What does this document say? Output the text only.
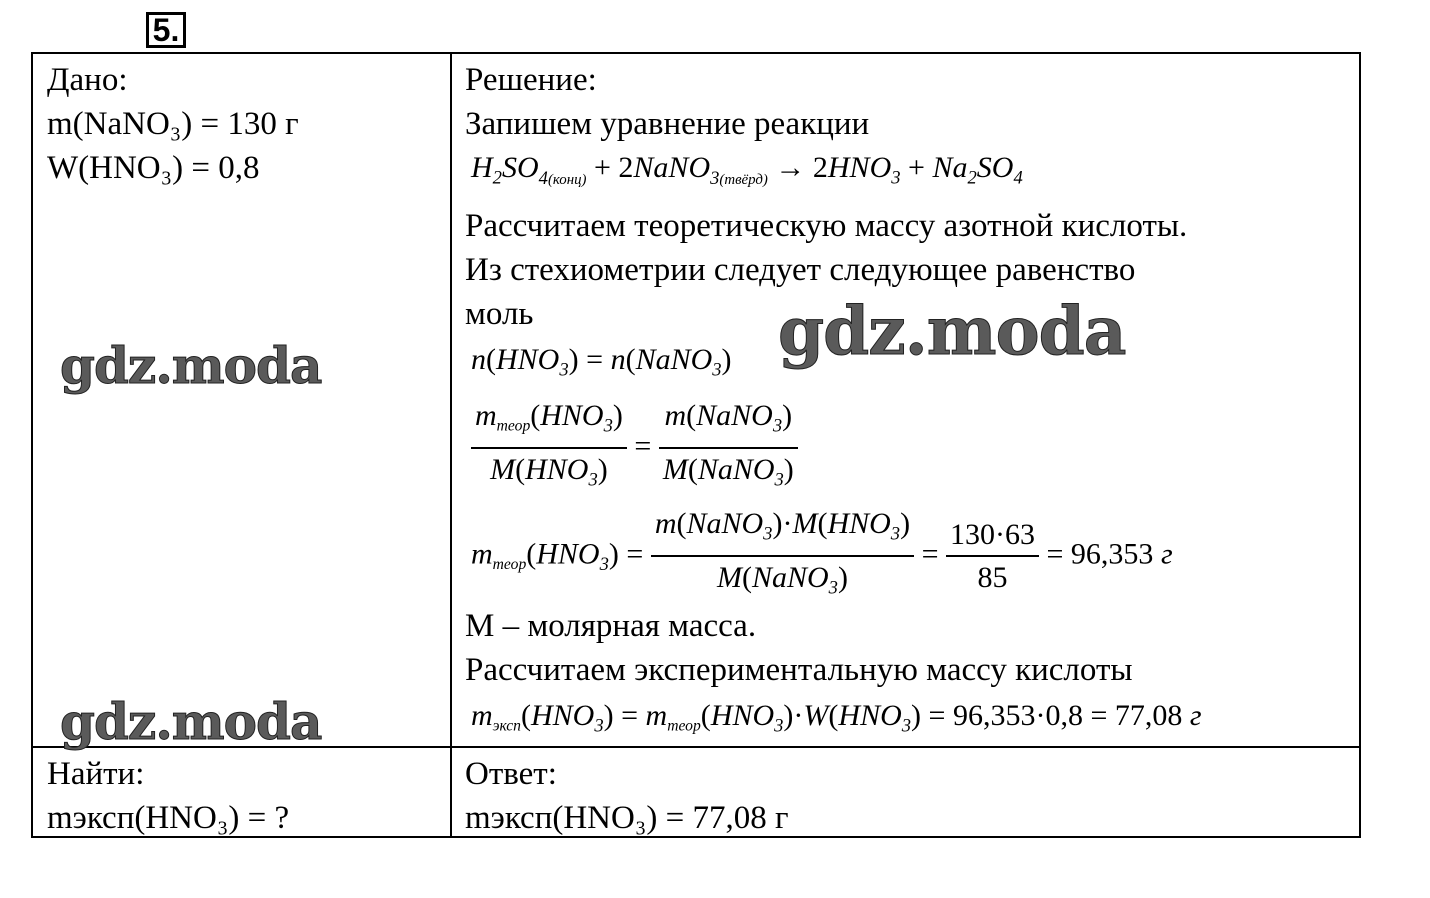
5.
Дано:
m(NaNO₃) = 130 г
W(HNO₃) = 0,8
Найти:
mэксп(HNO₃) = ?
Решение:
Запишем уравнение реакции
$H_2SO_{4(конц)}$ + 2NaNO$_{3(твёрд)}$ → $2HNO_3 + Na_2SO_4$
Рассчитаем теоретическую массу азотной кислоты.
Из стехиометрии следует следующее равенство
моль
$n(HNO_3)$ = n(NaNO$_3$)
$\frac{m_{теор}(HNO_3)}{M(HNO_3)} = \frac{m(NaNO_3)}{M(NaNO_3)}$
$m_{теор}(HNO_3) = \frac{m(NaNO_3)\cdot M(HNO_3)}{M(NaNO_3)} = \frac{130\cdot 63}{85} = 96,353$ г
M – молярная масса.
Рассчитаем экспериментальную массу кислоты
$m_{эксп}(HNO_3) = m_{теор}(HNO_3)\cdot W(HNO_3) = 96,353\cdot 0,8 = 77,08$ г
Ответ:
mэксп(HNO₃) = 77,08 г
gdz.moda
gdz.moda
gdz.moda
